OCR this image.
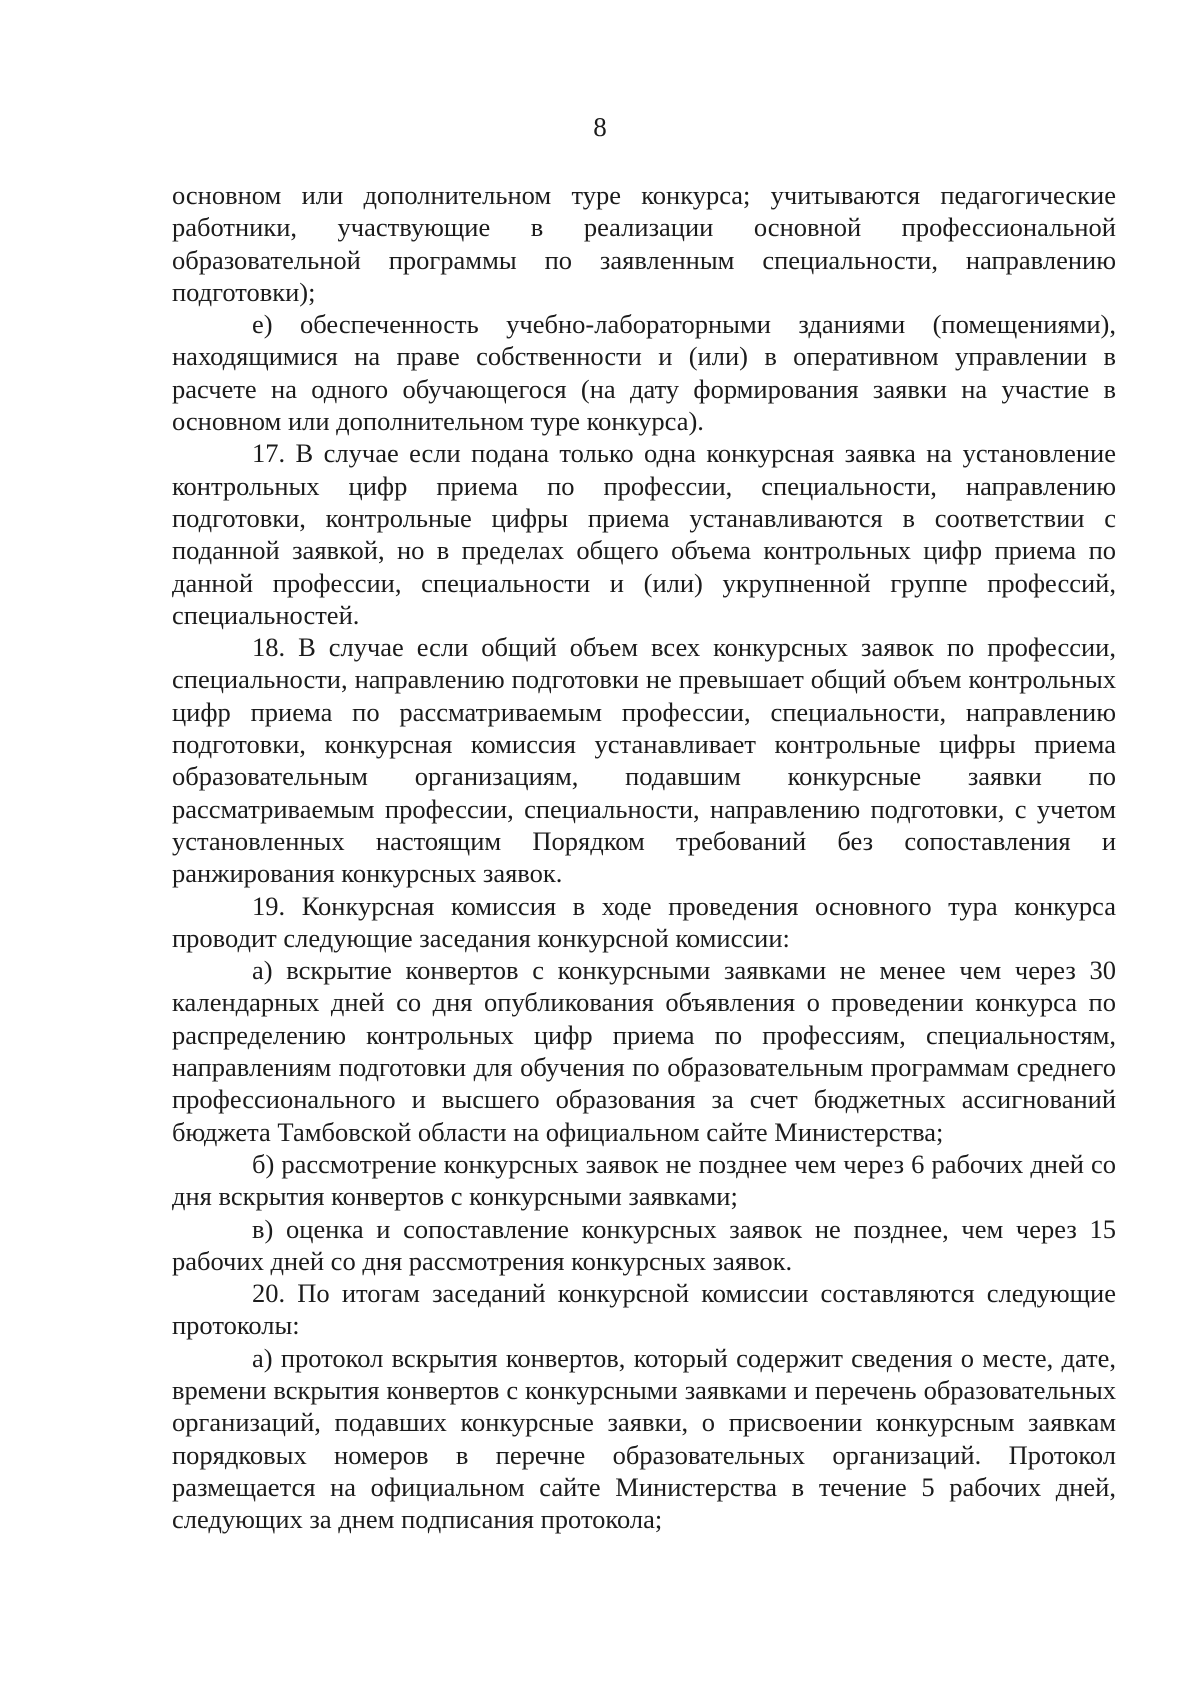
8

основном или дополнительном туре конкурса; учитываются педагогические работники, участвующие в реализации основной профессиональной образовательной программы по заявленным специальности, направлению подготовки);

е) обеспеченность учебно-лабораторными зданиями (помещениями), находящимися на праве собственности и (или) в оперативном управлении в расчете на одного обучающегося (на дату формирования заявки на участие в основном или дополнительном туре конкурса).

17. В случае если подана только одна конкурсная заявка на установление контрольных цифр приема по профессии, специальности, направлению подготовки, контрольные цифры приема устанавливаются в соответствии с поданной заявкой, но в пределах общего объема контрольных цифр приема по данной профессии, специальности и (или) укрупненной группе профессий, специальностей.

18. В случае если общий объем всех конкурсных заявок по профессии, специальности, направлению подготовки не превышает общий объем контрольных цифр приема по рассматриваемым профессии, специальности, направлению подготовки, конкурсная комиссия устанавливает контрольные цифры приема образовательным организациям, подавшим конкурсные заявки по рассматриваемым профессии, специальности, направлению подготовки, с учетом установленных настоящим Порядком требований без сопоставления и ранжирования конкурсных заявок.

19. Конкурсная комиссия в ходе проведения основного тура конкурса проводит следующие заседания конкурсной комиссии:

а) вскрытие конвертов с конкурсными заявками не менее чем через 30 календарных дней со дня опубликования объявления о проведении конкурса по распределению контрольных цифр приема по профессиям, специальностям, направлениям подготовки для обучения по образовательным программам среднего профессионального и высшего образования за счет бюджетных ассигнований бюджета Тамбовской области на официальном сайте Министерства;

б) рассмотрение конкурсных заявок не позднее чем через 6 рабочих дней со дня вскрытия конвертов с конкурсными заявками;

в) оценка и сопоставление конкурсных заявок не позднее, чем через 15 рабочих дней со дня рассмотрения конкурсных заявок.

20. По итогам заседаний конкурсной комиссии составляются следующие протоколы:

а) протокол вскрытия конвертов, который содержит сведения о месте, дате, времени вскрытия конвертов с конкурсными заявками и перечень образовательных организаций, подавших конкурсные заявки, о присвоении конкурсным заявкам порядковых номеров в перечне образовательных организаций. Протокол размещается на официальном сайте Министерства в течение 5 рабочих дней, следующих за днем подписания протокола;
